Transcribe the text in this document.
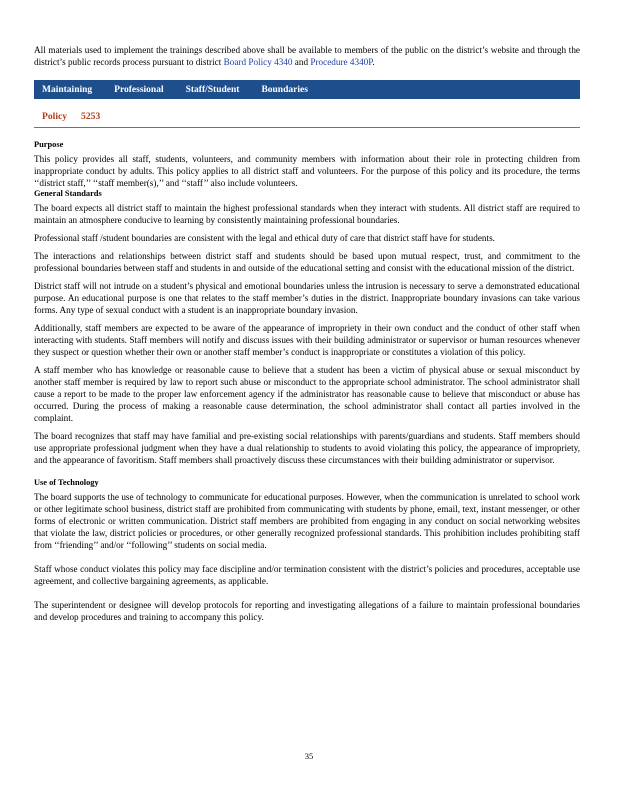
All materials used to implement the trainings described above shall be available to members of the public on the district’s website and through the district’s public records process pursuant to district Board Policy 4340 and Procedure 4340P.

Maintaining Professional Staff/Student Boundaries
Policy 5253
Purpose

This policy provides all staff, students, volunteers, and community members with information about their role in protecting children from inappropriate conduct by adults. This policy applies to all district staff and volunteers. For the purpose of this policy and its procedure, the terms ‘‘district staff,’’ ‘‘staff member(s),’’ and ‘‘staff’’ also include volunteers.

General Standards

The board expects all district staff to maintain the highest professional standards when they interact with students. All district staff are required to maintain an atmosphere conducive to learning by consistently maintaining professional boundaries.

Professional staff /student boundaries are consistent with the legal and ethical duty of care that district staff have for students.

The interactions and relationships between district staff and students should be based upon mutual respect, trust, and commitment to the professional boundaries between staff and students in and outside of the educational setting and consist with the educational mission of the district.

District staff will not intrude on a student’s physical and emotional boundaries unless the intrusion is necessary to serve a demonstrated educational purpose. An educational purpose is one that relates to the staff member’s duties in the district. Inappropriate boundary invasions can take various forms. Any type of sexual conduct with a student is an inappropriate boundary invasion.

Additionally, staff members are expected to be aware of the appearance of impropriety in their own conduct and the conduct of other staff when interacting with students. Staff members will notify and discuss issues with their building administrator or supervisor or human resources whenever they suspect or question whether their own or another staff member’s conduct is inappropriate or constitutes a violation of this policy.

A staff member who has knowledge or reasonable cause to believe that a student has been a victim of physical abuse or sexual misconduct by another staff member is required by law to report such abuse or misconduct to the appropriate school administrator. The school administrator shall cause a report to be made to the proper law enforcement agency if the administrator has reasonable cause to believe that misconduct or abuse has occurred. During the process of making a reasonable cause determination, the school administrator shall contact all parties involved in the complaint.

The board recognizes that staff may have familial and pre-existing social relationships with parents/guardians and students. Staff members should use appropriate professional judgment when they have a dual relationship to students to avoid violating this policy, the appearance of impropriety, and the appearance of favoritism. Staff members shall proactively discuss these circumstances with their building administrator or supervisor.

Use of Technology

The board supports the use of technology to communicate for educational purposes. However, when the communication is unrelated to school work or other legitimate school business, district staff are prohibited from communicating with students by phone, email, text, instant messenger, or other forms of electronic or written communication. District staff members are prohibited from engaging in any conduct on social networking websites that violate the law, district policies or procedures, or other generally recognized professional standards. This prohibition includes prohibiting staff from ‘‘friending’’ and/or ‘‘following’’ students on social media.

Staff whose conduct violates this policy may face discipline and/or termination consistent with the district’s policies and procedures, acceptable use agreement, and collective bargaining agreements, as applicable.

The superintendent or designee will develop protocols for reporting and investigating allegations of a failure to maintain professional boundaries and develop procedures and training to accompany this policy.

35
